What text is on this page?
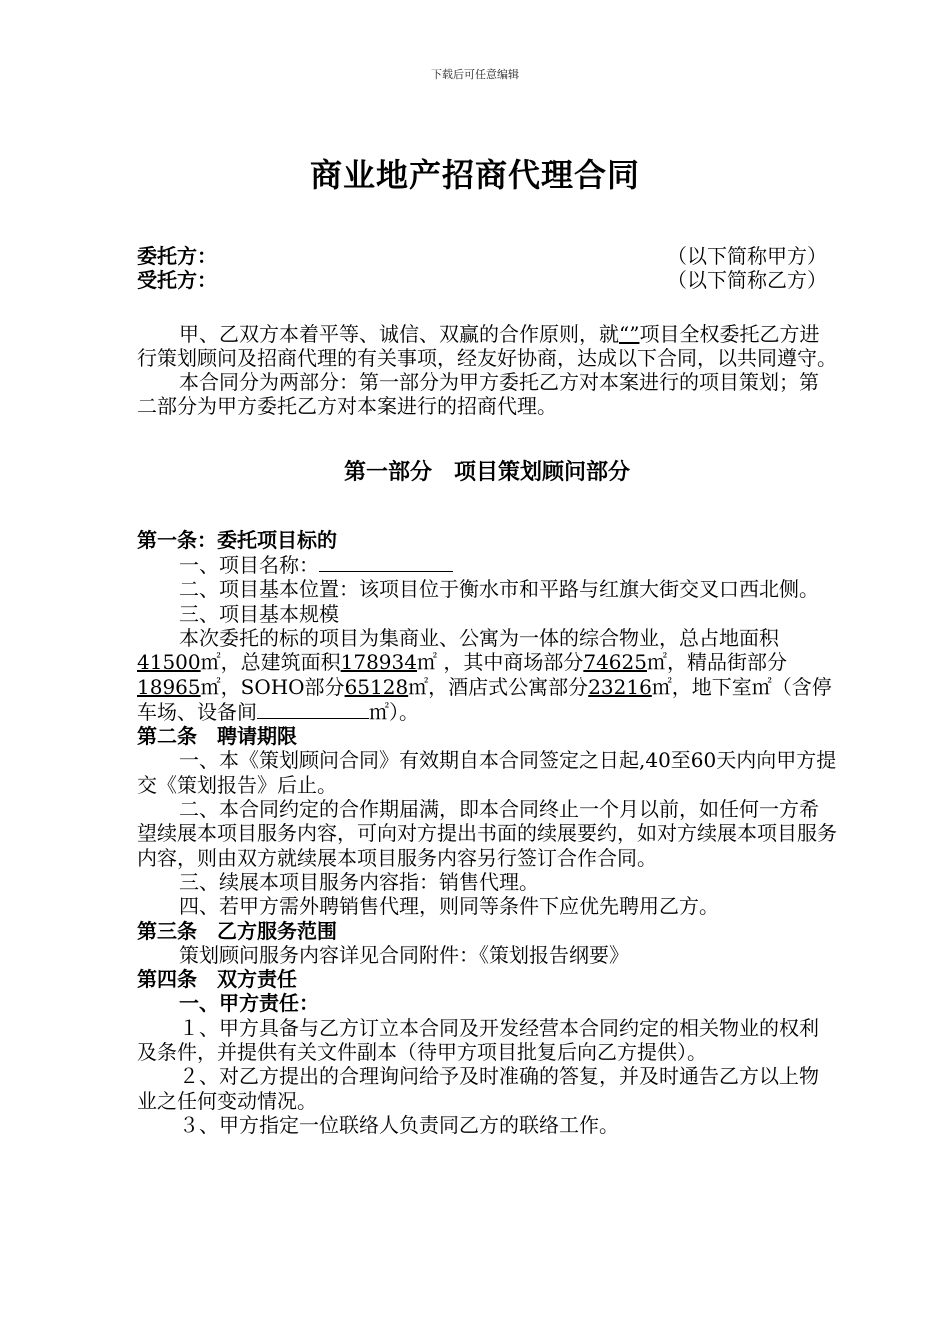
下载后可任意编辑
商业地产招商代理合同
委托方：	（以下简称甲方）
受托方：	（以下简称乙方）

甲、乙双方本着平等、诚信、双赢的合作原则，就“”项目全权委托乙方进行策划顾问及招商代理的有关事项，经友好协商，达成以下合同，以共同遵守。

本合同分为两部分：第一部分为甲方委托乙方对本案进行的项目策划；第二部分为甲方委托乙方对本案进行的招商代理。

第一部分　项目策划顾问部分

第一条：委托项目标的

一、项目名称：

二、项目基本位置：该项目位于衡水市和平路与红旗大街交叉口西北侧。

三、项目基本规模

本次委托的标的项目为集商业、公寓为一体的综合物业，总占地面积41500㎡，总建筑面积178934㎡ ，其中商场部分74625㎡，精品街部分18965㎡，SOHO部分65128㎡，酒店式公寓部分23216㎡，地下室㎡（含停车场、设备间	㎡）。

第二条　聘请期限

一、本《策划顾问合同》有效期自本合同签定之日起,40至60天内向甲方提交《策划报告》后止。

二、本合同约定的合作期届满，即本合同终止一个月以前，如任何一方希望续展本项目服务内容，可向对方提出书面的续展要约，如对方续展本项目服务内容，则由双方就续展本项目服务内容另行签订合作合同。

三、续展本项目服务内容指：销售代理。

四、若甲方需外聘销售代理，则同等条件下应优先聘用乙方。

第三条　乙方服务范围

策划顾问服务内容详见合同附件：《策划报告纲要》

第四条　双方责任

一、甲方责任：

１、甲方具备与乙方订立本合同及开发经营本合同约定的相关物业的权利及条件，并提供有关文件副本（待甲方项目批复后向乙方提供）。

２、对乙方提出的合理询问给予及时准确的答复，并及时通告乙方以上物业之任何变动情况。

３、甲方指定一位联络人负责同乙方的联络工作。
